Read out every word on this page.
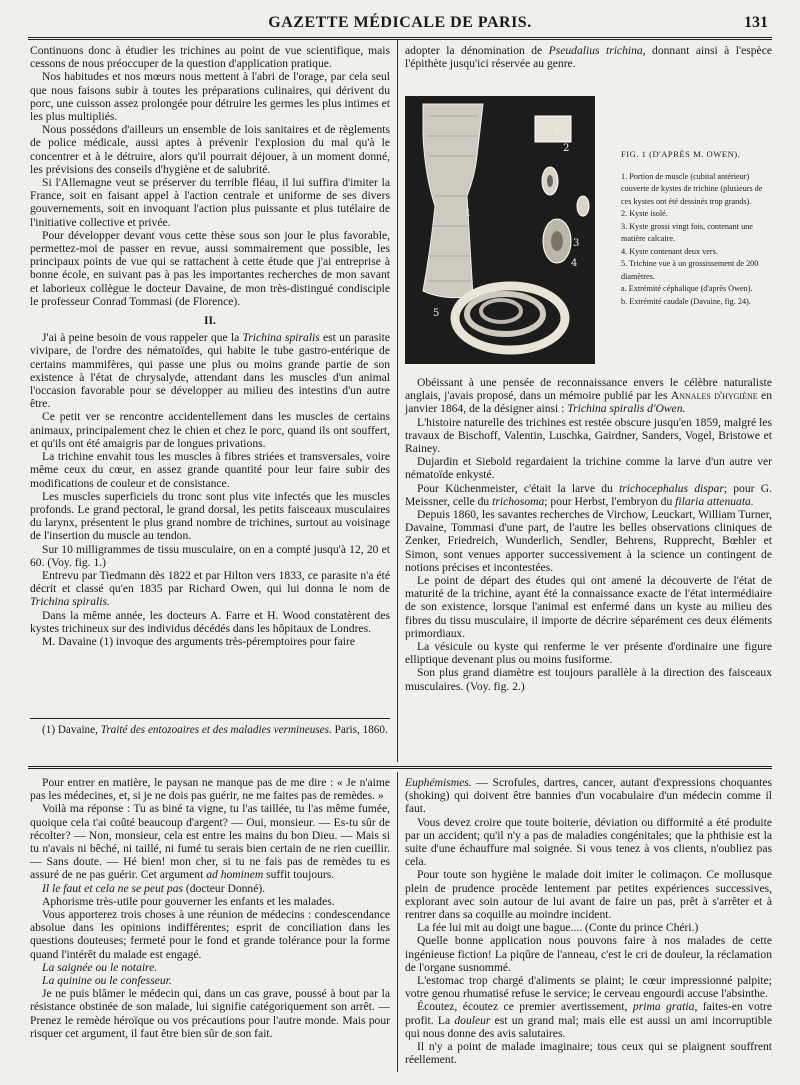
GAZETTE MÉDICALE DE PARIS.	131

Continuons donc à étudier les trichines au point de vue scientifique, mais cessons de nous préoccuper de la question d'application pratique.

Nos habitudes et nos mœurs nous mettent à l'abri de l'orage, par cela seul que nous faisons subir à toutes les préparations culinaires, qui dérivent du porc, une cuisson assez prolongée pour détruire les germes les plus intimes et les plus multipliés.

Nous possédons d'ailleurs un ensemble de lois sanitaires et de règlements de police médicale, aussi aptes à prévenir l'explosion du mal qu'à le concentrer et à le détruire, alors qu'il pourrait déjouer, à un moment donné, les prévisions des conseils d'hygiène et de salubrité.

Si l'Allemagne veut se préserver du terrible fléau, il lui suffira d'imiter la France, soit en faisant appel à l'action centrale et uniforme de ses divers gouvernements, soit en invoquant l'action plus puissante et plus tutélaire de l'initiative collective et privée.

Pour développer devant vous cette thèse sous son jour le plus favorable, permettez-moi de passer en revue, aussi sommairement que possible, les principaux points de vue qui se rattachent à cette étude que j'ai entreprise à bonne école, en suivant pas à pas les importantes recherches de mon savant et laborieux collègue le docteur Davaine, de mon très-distingué condisciple le professeur Conrad Tommasi (de Florence).

II.

J'ai à peine besoin de vous rappeler que la Trichina spiralis est un parasite vivipare, de l'ordre des nématoïdes, qui habite le tube gastro-entérique de certains mammifères, qui passe une plus ou moins grande partie de son existence à l'état de chrysalyde, attendant dans les muscles d'un animal l'occasion favorable pour se développer au milieu des intestins d'un autre être.

Ce petit ver se rencontre accidentellement dans les muscles de certains animaux, principalement chez le chien et chez le porc, quand ils ont souffert, et qu'ils ont été amaigris par de longues privations.

La trichine envahit tous les muscles à fibres striées et transversales, voire même ceux du cœur, en assez grande quantité pour leur faire subir des modifications de couleur et de consistance.

Les muscles superficiels du tronc sont plus vite infectés que les muscles profonds. Le grand pectoral, le grand dorsal, les petits faisceaux musculaires du larynx, présentent le plus grand nombre de trichines, surtout au voisinage de l'insertion du muscle au tendon.

Sur 10 milligrammes de tissu musculaire, on en a compté jusqu'à 12, 20 et 60. (Voy. fig. 1.)

Entrevu par Tiedmann dès 1822 et par Hilton vers 1833, ce parasite n'a été décrit et classé qu'en 1835 par Richard Owen, qui lui donna le nom de Trichina spiralis.

Dans la même année, les docteurs A. Farre et H. Wood constatèrent des kystes trichineux sur des individus décédés dans les hôpitaux de Londres.

M. Davaine (1) invoque des arguments très-péremptoires pour faire

(1) Davaine, Traité des entozoaires et des maladies vermineuses. Paris, 1860.

adopter la dénomination de Pseudalius trichina, donnant ainsi à l'espèce l'épithète jusqu'ici réservée au genre.

6
2
3
4
5
1
FIG. 1 (D'APRÈS M. OWEN).
1. Portion de muscle (cubital antérieur) couverte de kystes de trichine (plusieurs de ces kystes ont été dessinés trop grands).
2. Kyste isolé.
3. Kyste grossi vingt fois, contenant une matière calcaire.
4. Kyste contenant deux vers.
5. Trichine vue à un grossissement de 200 diamètres.
a. Extrémité céphalique (d'après Owen).
b. Extrémité caudale (Davaine, fig. 24).

Obéissant à une pensée de reconnaissance envers le célèbre naturaliste anglais, j'avais proposé, dans un mémoire publié par les Annales d'hygiène en janvier 1864, de la désigner ainsi : Trichina spiralis d'Owen.

L'histoire naturelle des trichines est restée obscure jusqu'en 1859, malgré les travaux de Bischoff, Valentin, Luschka, Gairdner, Sanders, Vogel, Bristowe et Rainey.

Dujardin et Siebold regardaient la trichine comme la larve d'un autre ver nématoïde enkysté.

Pour Küchenmeister, c'était la larve du trichocephalus dispar; pour G. Meissner, celle du trichosoma; pour Herbst, l'embryon du filaria attenuata.

Depuis 1860, les savantes recherches de Virchow, Leuckart, William Turner, Davaine, Tommasi d'une part, de l'autre les belles observations cliniques de Zenker, Friedreich, Wunderlich, Sendler, Behrens, Rupprecht, Bœhler et Simon, sont venues apporter successivement à la science un contingent de notions précises et incontestées.

Le point de départ des études qui ont amené la découverte de l'état de maturité de la trichine, ayant été la connaissance exacte de l'état intermédiaire de son existence, lorsque l'animal est enfermé dans un kyste au milieu des fibres du tissu musculaire, il importe de décrire séparément ces deux éléments primordiaux.

La vésicule ou kyste qui renferme le ver présente d'ordinaire une figure elliptique devenant plus ou moins fusiforme.

Son plus grand diamètre est toujours parallèle à la direction des faisceaux musculaires. (Voy. fig. 2.)

Pour entrer en matière, le paysan ne manque pas de me dire : « Je n'aime pas les médecines, et, si je ne dois pas guérir, ne me faites pas de remèdes. »

Voilà ma réponse : Tu as biné ta vigne, tu l'as taillée, tu l'as même fumée, quoique cela t'ai coûté beaucoup d'argent? — Oui, monsieur. — Es-tu sûr de récolter? — Non, monsieur, cela est entre les mains du bon Dieu. — Mais si tu n'avais ni bêché, ni taillé, ni fumé tu serais bien certain de ne rien cueillir. — Sans doute. — Hé bien! mon cher, si tu ne fais pas de remèdes tu es assuré de ne pas guérir. Cet argument ad hominem suffit toujours.

Il le faut et cela ne se peut pas (docteur Donné).

Aphorisme très-utile pour gouverner les enfants et les malades.

Vous apporterez trois choses à une réunion de médecins : condescendance absolue dans les opinions indifférentes; esprit de conciliation dans les questions douteuses; fermeté pour le fond et grande tolérance pour la forme quand l'intérêt du malade est engagé.

La saignée ou le notaire.

La quinine ou le confesseur.

Je ne puis blâmer le médecin qui, dans un cas grave, poussé à bout par la résistance obstinée de son malade, lui signifie catégoriquement son arrêt. — Prenez le remède héroïque ou vos précautions pour l'autre monde. Mais pour risquer cet argument, il faut être bien sûr de son fait.

Euphémismes. — Scrofules, dartres, cancer, autant d'expressions choquantes (shoking) qui doivent être bannies d'un vocabulaire d'un médecin comme il faut.

Vous devez croire que toute boiterie, déviation ou difformité a été produite par un accident; qu'il n'y a pas de maladies congénitales; que la phthisie est la suite d'une échauffure mal soignée. Si vous tenez à vos clients, n'oubliez pas cela.

Pour toute son hygiène le malade doit imiter le colimaçon. Ce mollusque plein de prudence procède lentement par petites expériences successives, explorant avec soin autour de lui avant de faire un pas, prêt à s'arrêter et à rentrer dans sa coquille au moindre incident.

La fée lui mit au doigt une bague.... (Conte du prince Chéri.)

Quelle bonne application nous pouvons faire à nos malades de cette ingénieuse fiction! La piqûre de l'anneau, c'est le cri de douleur, la réclamation de l'organe susnommé.

L'estomac trop chargé d'aliments se plaint; le cœur impressionné palpite; votre genou rhumatisé refuse le service; le cerveau engourdi accuse l'absinthe.

Écoutez, écoutez ce premier avertissement, prima gratia, faites-en votre profit. La douleur est un grand mal; mais elle est aussi un ami incorruptible qui nous donne des avis salutaires.

Il n'y a point de malade imaginaire; tous ceux qui se plaignent souffrent réellement.
